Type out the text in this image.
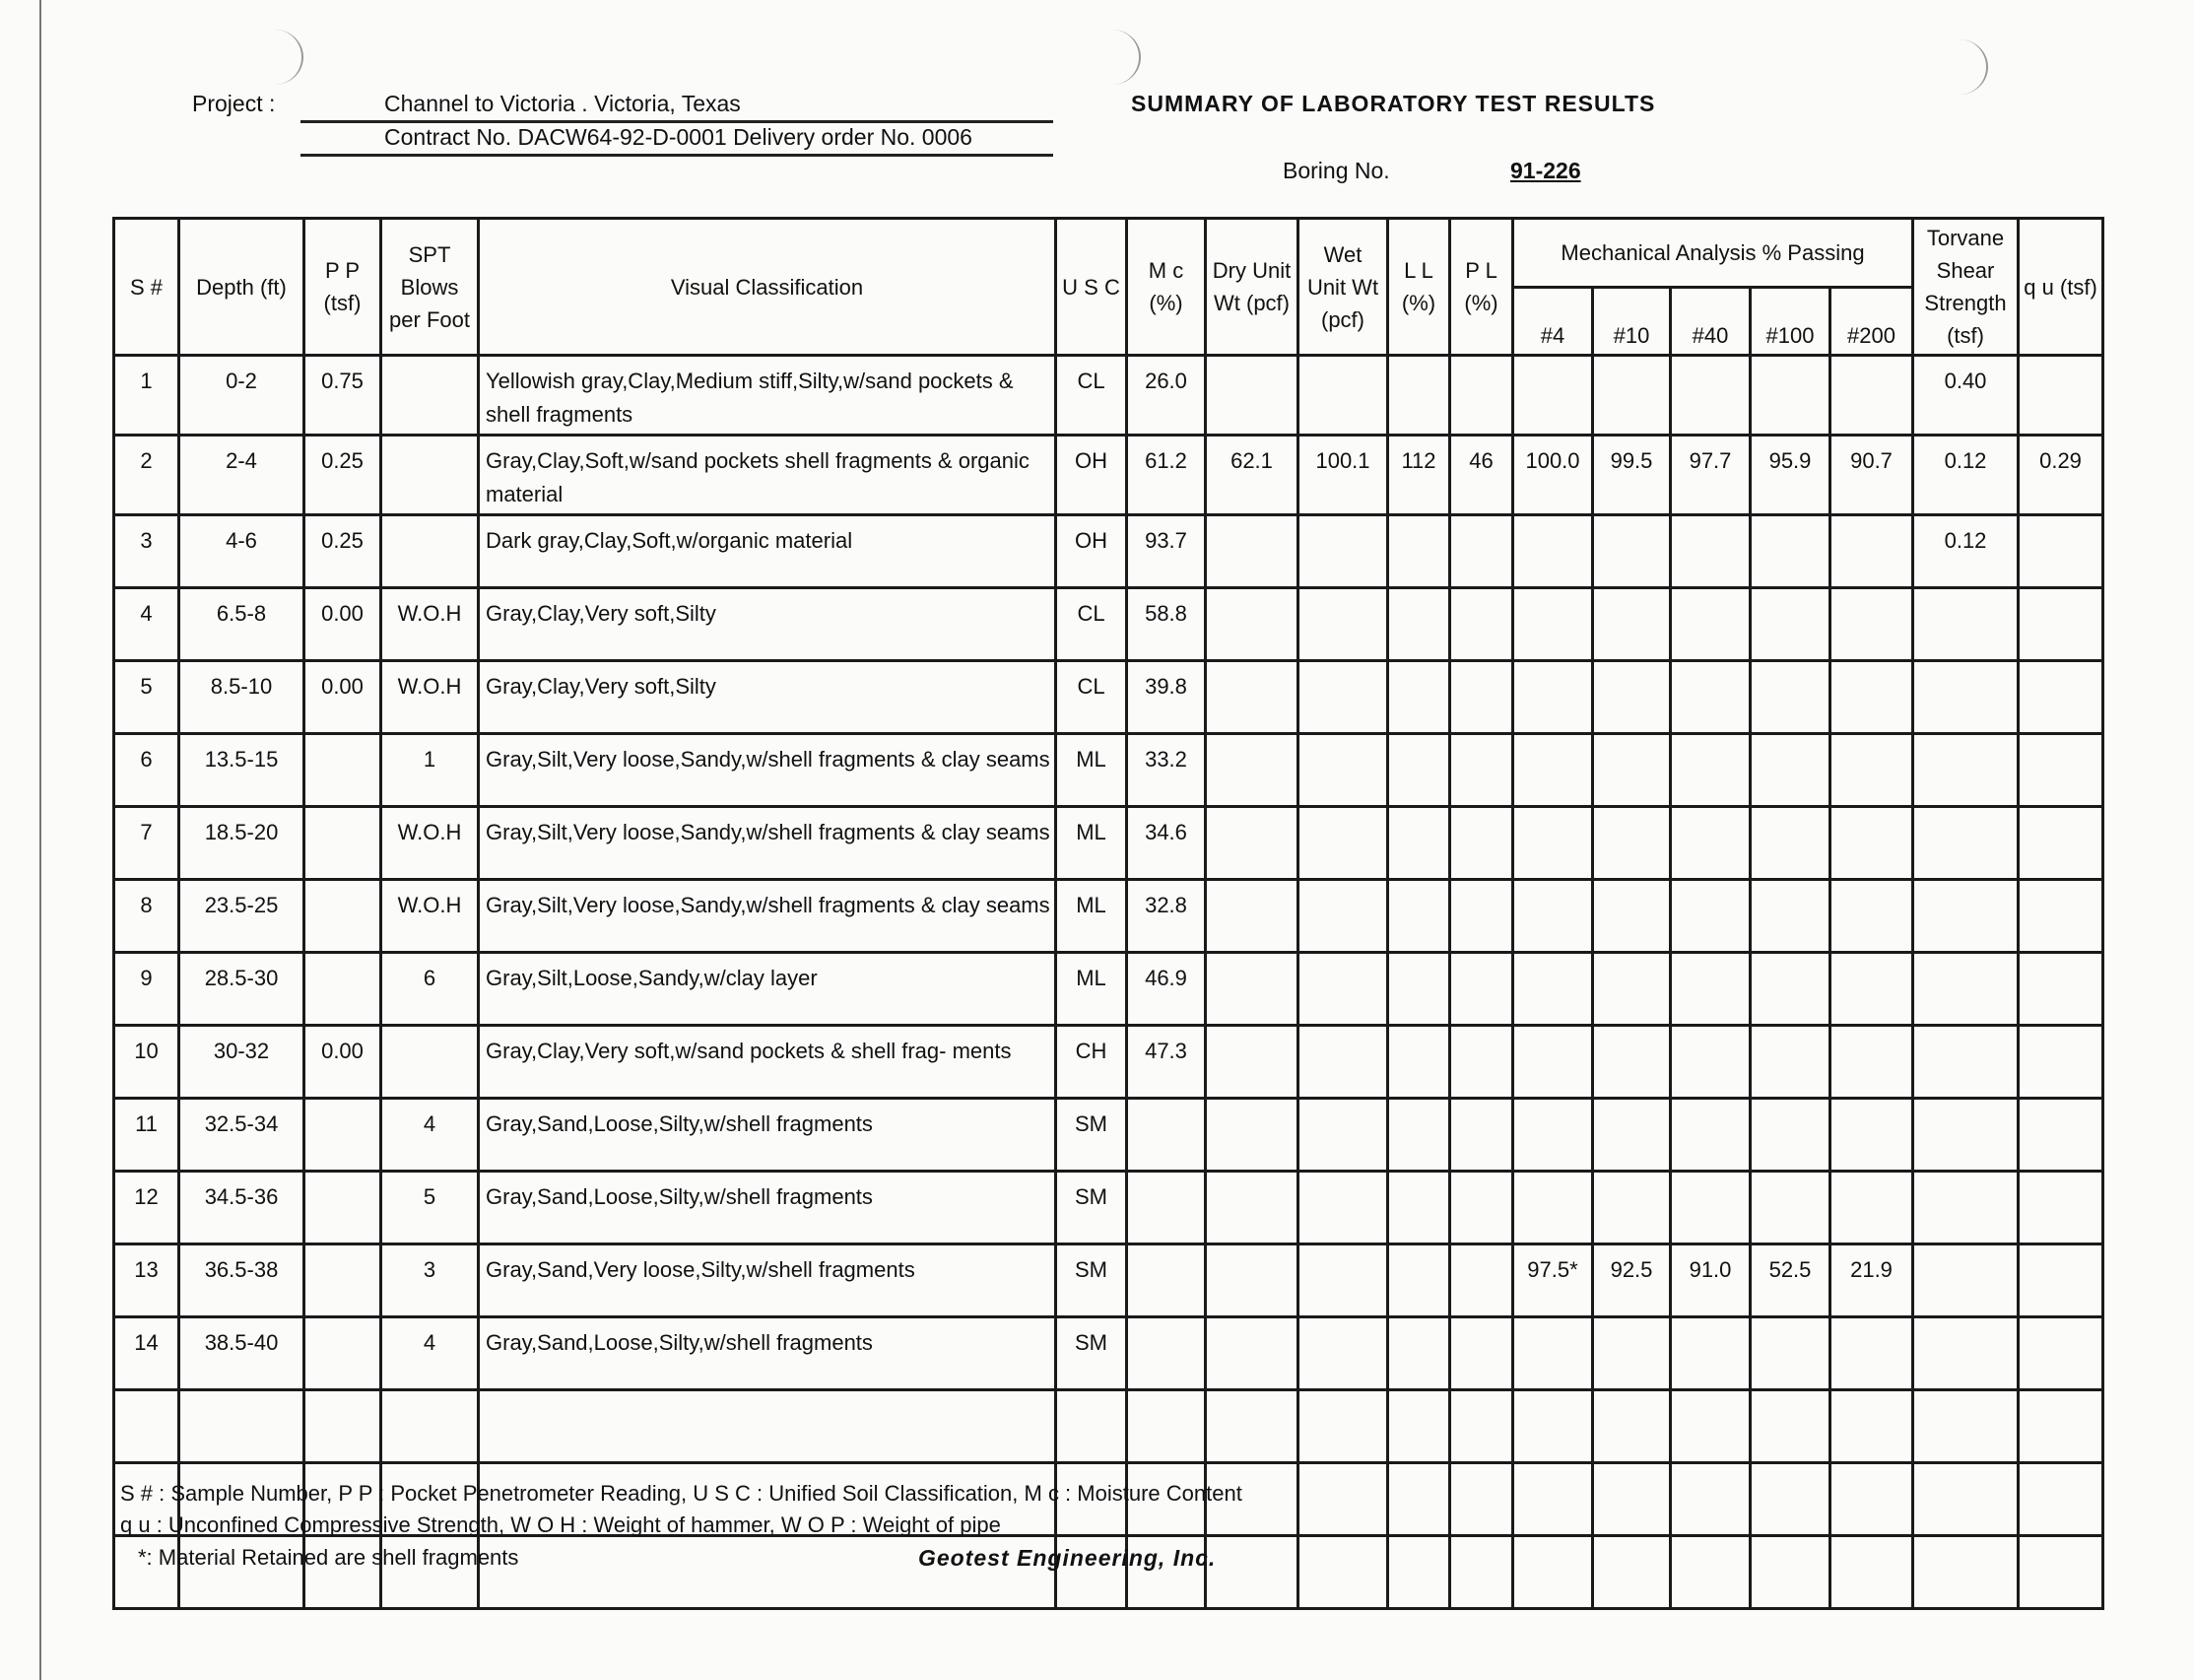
Project :	Channel to Victoria . Victoria, Texas
Contract No. DACW64-92-D-0001 Delivery order No. 0006
SUMMARY OF LABORATORY TEST RESULTS
Boring No.	91-226
S #	Depth (ft)	P P (tsf)	SPT Blows per Foot	Visual Classification	U S C	M c (%)	Dry Unit Wt (pcf)	Wet Unit Wt (pcf)	L L (%)	P L (%)	Mechanical Analysis % Passing					Torvane Shear Strength (tsf)	q u (tsf)
											#4	#10	#40	#100	#200		
1	0-2	0.75		Yellowish gray,Clay,Medium stiff,Silty,w/sand pockets & shell fragments	CL	26.0										0.40	
2	2-4	0.25		Gray,Clay,Soft,w/sand pockets shell fragments & organic material	OH	61.2	62.1	100.1	112	46	100.0	99.5	97.7	95.9	90.7	0.12	0.29
3	4-6	0.25		Dark gray,Clay,Soft,w/organic material	OH	93.7										0.12	
4	6.5-8	0.00	W.O.H	Gray,Clay,Very soft,Silty	CL	58.8											
5	8.5-10	0.00	W.O.H	Gray,Clay,Very soft,Silty	CL	39.8											
6	13.5-15		1	Gray,Silt,Very loose,Sandy,w/shell fragments & clay seams	ML	33.2											
7	18.5-20		W.O.H	Gray,Silt,Very loose,Sandy,w/shell fragments & clay seams	ML	34.6											
8	23.5-25		W.O.H	Gray,Silt,Very loose,Sandy,w/shell fragments & clay seams	ML	32.8											
9	28.5-30		6	Gray,Silt,Loose,Sandy,w/clay layer	ML	46.9											
10	30-32	0.00		Gray,Clay,Very soft,w/sand pockets & shell frag- ments	CH	47.3											
11	32.5-34		4	Gray,Sand,Loose,Silty,w/shell fragments	SM												
12	34.5-36		5	Gray,Sand,Loose,Silty,w/shell fragments	SM												
13	36.5-38		3	Gray,Sand,Very loose,Silty,w/shell fragments	SM						97.5*	92.5	91.0	52.5	21.9		
14	38.5-40		4	Gray,Sand,Loose,Silty,w/shell fragments	SM												

S # : Sample Number, P P : Pocket Penetrometer Reading, U S C : Unified Soil Classification, M c : Moisture Content
q u : Unconfined Compressive Strength, W O H : Weight of hammer, W O P : Weight of pipe
*: Material Retained are shell fragments	Geotest Engineering, Inc.
